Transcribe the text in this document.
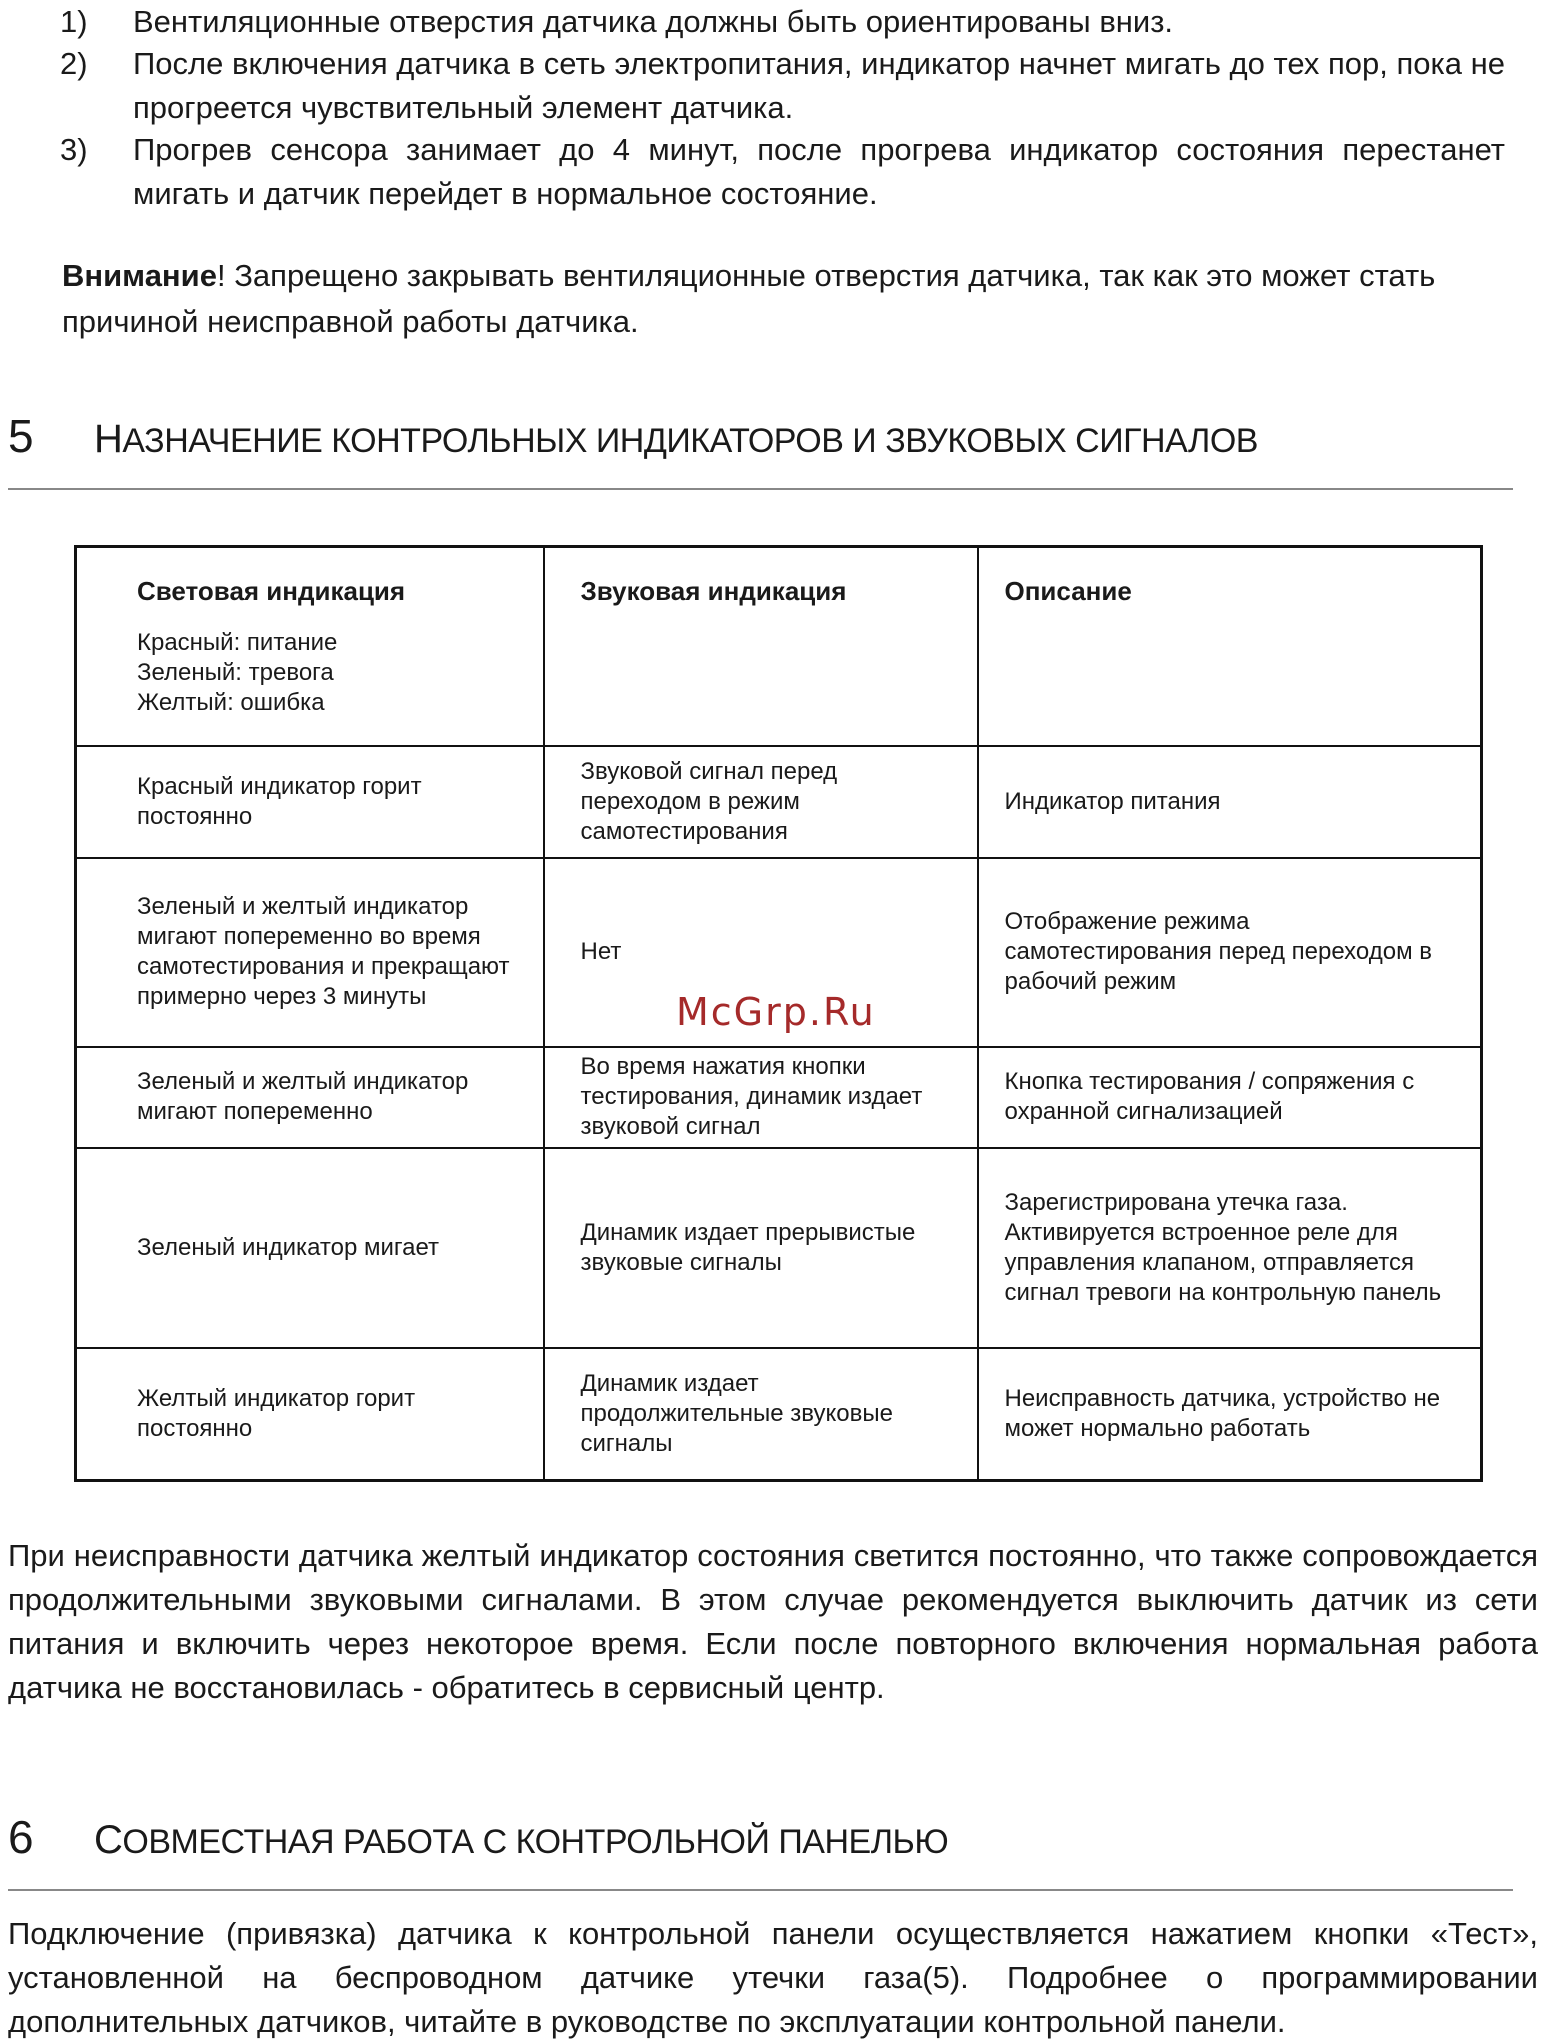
1) Вентиляционные отверстия датчика должны быть ориентированы вниз.
2) После включения датчика в сеть электропитания, индикатор начнет мигать до тех пор, пока не прогреется чувствительный элемент датчика.
3) Прогрев сенсора занимает до 4 минут, после прогрева индикатор состояния перестанет мигать и датчик перейдет в нормальное состояние.
Внимание! Запрещено закрывать вентиляционные отверстия датчика, так как это может стать причиной неисправной работы датчика.
5 НАЗНАЧЕНИЕ КОНТРОЛЬНЫХ ИНДИКАТОРОВ И ЗВУКОВЫХ СИГНАЛОВ
Световая индикация
Красный: питание
Зеленый: тревога
Желтый: ошибка	Звуковая индикация	Описание

Красный индикатор горит постоянно	Звуковой сигнал перед переходом в режим самотестирования	Индикатор питания
Зеленый и желтый индикатор мигают попеременно во время самотестирования и прекращают примерно через 3 минуты	Нет	Отображение режима самотестирования перед переходом в рабочий режим
Зеленый и желтый индикатор мигают попеременно	Во время нажатия кнопки тестирования, динамик издает звуковой сигнал	Кнопка тестирования / сопряжения с охранной сигнализацией
Зеленый индикатор мигает	Динамик издает прерывистые звуковые сигналы	Зарегистрирована утечка газа. Активируется встроенное реле для управления клапаном, отправляется сигнал тревоги на контрольную панель
Желтый индикатор горит постоянно	Динамик издает продолжительные звуковые сигналы	Неисправность датчика, устройство не может нормально работать
McGrp.Ru
При неисправности датчика желтый индикатор состояния светится постоянно, что также сопровождается продолжительными звуковыми сигналами. В этом случае рекомендуется выключить датчик из сети питания и включить через некоторое время. Если после повторного включения нормальная работа датчика не восстановилась - обратитесь в сервисный центр.
6 СОВМЕСТНАЯ РАБОТА С КОНТРОЛЬНОЙ ПАНЕЛЬЮ
Подключение (привязка) датчика к контрольной панели осуществляется нажатием кнопки «Тест», установленной на беспроводном датчике утечки газа(5). Подробнее о программировании дополнительных датчиков, читайте в руководстве по эксплуатации контрольной панели.
